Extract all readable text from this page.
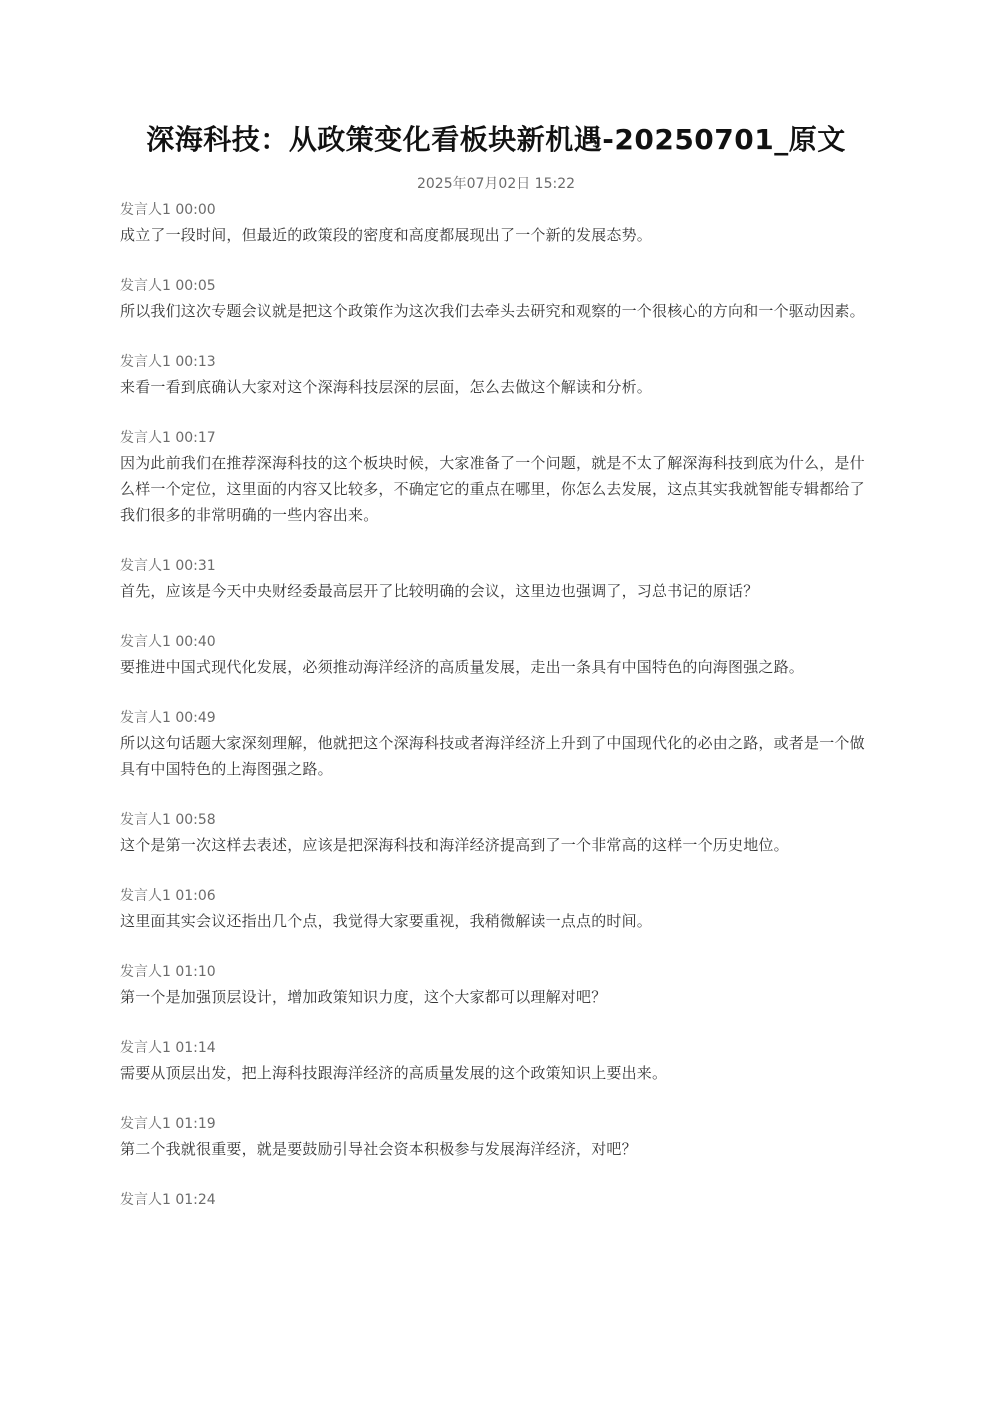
深海科技：从政策变化看板块新机遇-20250701_原文
2025年07月02日 15:22
发言人1 00:00
成立了一段时间，但最近的政策段的密度和高度都展现出了一个新的发展态势。
发言人1 00:05
所以我们这次专题会议就是把这个政策作为这次我们去牵头去研究和观察的一个很核心的方向和一个驱动因素。
发言人1 00:13
来看一看到底确认大家对这个深海科技层深的层面，怎么去做这个解读和分析。
发言人1 00:17
因为此前我们在推荐深海科技的这个板块时候，大家准备了一个问题，就是不太了解深海科技到底为什么，是什么样一个定位，这里面的内容又比较多，不确定它的重点在哪里，你怎么去发展，这点其实我就智能专辑都给了我们很多的非常明确的一些内容出来。
发言人1 00:31
首先，应该是今天中央财经委最高层开了比较明确的会议，这里边也强调了，习总书记的原话？
发言人1 00:40
要推进中国式现代化发展，必须推动海洋经济的高质量发展，走出一条具有中国特色的向海图强之路。
发言人1 00:49
所以这句话题大家深刻理解，他就把这个深海科技或者海洋经济上升到了中国现代化的必由之路，或者是一个做具有中国特色的上海图强之路。
发言人1 00:58
这个是第一次这样去表述，应该是把深海科技和海洋经济提高到了一个非常高的这样一个历史地位。
发言人1 01:06
这里面其实会议还指出几个点，我觉得大家要重视，我稍微解读一点点的时间。
发言人1 01:10
第一个是加强顶层设计，增加政策知识力度，这个大家都可以理解对吧？
发言人1 01:14
需要从顶层出发，把上海科技跟海洋经济的高质量发展的这个政策知识上要出来。
发言人1 01:19
第二个我就很重要，就是要鼓励引导社会资本积极参与发展海洋经济，对吧？
发言人1 01:24
